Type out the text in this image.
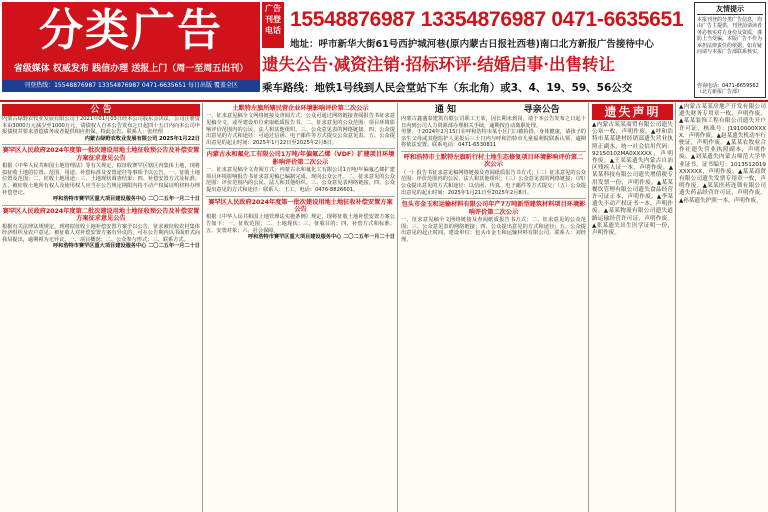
分类广告
省级媒体 权威发布 践信办理 送报上门（周一至周五出刊）
刊登热线：15548876987 13354876987 0471-6635651 每日出版 覆盖全区
广告刊登电话 15548876987 13354876987 0471-6635651
地址：呼市新华大街61号西护城河巷(原内蒙古日报社西巷)南口北方新报广告接待中心
遗失公告·减资注销·招标环评·结婚启事·出售转让
乘车路线：地铁1号线到人民会堂站下车（东北角）或3、4、19、59、56公交
友情提示
本报刊登的分类广告信息，均由广告主提供，刊登前请读者务必核实对方身份及资质，谨防上当受骗。本版广告不作为承担法律责任的依据。如有疑问请与本报广告部联系核实。
咨询电话：0471-6659562（北方新报广告部）
公 告
内蒙古绿野农牧业发展有限公司于2021年01月03日经本公司股东会决议，公司注册资本由3000万元减少至1000万元，请债权人自本公告发布之日起四十五日内向本公司申报债权并要求清偿债务或者提供相应担保。特此公告。联系人：张经理
内蒙古绿野农牧业发展有限公司 2025年1月22日
赛罕区人民政府2024年度第一批次建设用地土地征收预公告及补偿安置方案征求意见公告
根据《中华人民共和国土地管理法》等有关规定，拟征收赛罕区辖区内集体土地，现将拟征收土地的位置、范围、用途、补偿标准及安置途径等事项予以公告。一、征收土地位置及范围；二、征收土地用途；三、土地现状调查结果；四、补偿安置方式及标准；五、被征收土地所有权人及使用权人应当在公告规定期限内持不动产权属证明材料办理补偿登记。
呼和浩特市赛罕区重大项目建设服务中心 二〇二五年一月二十日
赛罕区人民政府2024年度第二批次建设用地土地征收预公告及补偿安置方案征求意见公告
根据有关法律法规规定，现将拟征收土地补偿安置方案予以公告，征求被征收农村集体经济组织及农户意见。被征收人对补偿安置方案有异议的，可在公告期内以书面形式向我局提出，逾期视为无异议。一、项目概况；二、公众参与形式；三、联系方式。
呼和浩特市赛罕区重大项目建设服务中心 二〇二五年一月二十日
土默特左旗所辖民营企业环境影响评价第二次公示
一、征求意见稿全文网络链接及查阅方式：公众可通过网络链接查阅报告书征求意见稿全文，或至建设单位索取纸质报告书。二、征求意见的公众范围：项目环境影响评价范围内的公民、法人和其他组织。三、公众意见表的网络链接。四、公众提出意见的方式和途径：可通过信函、电子邮件等方式提交公众意见表。五、公众提出意见的起止时间：2025年1月22日至2025年2月8日。
内蒙古永和氟化工有限公司1万吨/年偏氟乙烯（VDF）扩建项目环境影响评价第二次公示
一、征求意见稿全文查阅方式：内蒙古永和氟化工有限公司1万吨/年偏氟乙烯扩建项目环境影响报告书征求意见稿已编制完成，现向公众公开。二、征求意见的公众范围：评价范围内的公民、法人和其他组织。三、公众意见表网络链接。四、公众提出意见的方式和途径：联系人：王工，电话：0476-8826601。
赛罕区人民政府2024年度第一批次建设用地土地征收补偿安置方案公告
根据《中华人民共和国土地管理法实施条例》规定，现将征收土地补偿安置方案公告如下：一、征收范围；二、土地现状；三、征收目的；四、补偿方式和标准；五、安置对象；六、社会保障。
呼和浩特市赛罕区重大项目建设服务中心 二〇二五年一月二十日
通 知	寻亲公告
内蒙古鑫盛泰建筑有限公司职工王某，因长期未到岗，请于本公告发布之日起十日内到公司人力资源部办理相关手续，逾期按自动离职处理。
男婴，于2024年2月15日在呼和浩特市某小区门口被捡拾，身体健康，请孩子的亲生父母或其他监护人见报后三十日内与呼和浩特市儿童福利院联系认领，逾期将依法安置。联系电话：0471-6530811
呼和浩特市土默特左旗昕行村土地生态修复项目环境影响评价第二次公示
（一）报告书征求意见稿网络链接及查阅纸质报告书方式；（二）征求意见的公众范围：评价范围内的公民、法人和其他组织；（三）公众意见表的网络链接；（四）公众提出意见的方式和途径：以信函、传真、电子邮件等方式提交；（五）公众提出意见的起止时间：2025年1月21日至2025年2月8日。
包头市金玉和运输材料有限公司年产7万吨新型建筑材料项目环境影响评价第二次公示
一、征求意见稿全文网络链接及查阅纸质报告书方式；二、征求意见的公众范围；三、公众意见表的网络链接；四、公众提出意见的方式和途径；五、公众提出意见的起止时间。建设单位：包头市金玉和运输材料有限公司，联系人：刘经理。
遗失声明
▲内蒙古某某商贸有限公司遗失公章一枚，声明作废。▲呼和浩特市某某建材经销部遗失营业执照正副本，统一社会信用代码：92150102MA0XXXXX，声明作废。▲王某某遗失内蒙古自治区残疾人证一本，声明作废。▲某某科技有限公司遗失增值税专用发票一份，声明作废。▲某某餐饮管理有限公司遗失食品经营许可证正本，声明作废。▲李某遗失不动产权证书一本，声明作废。▲某某物流有限公司遗失道路运输经营许可证，声明作废。▲张某遗失出生医学证明一份，声明作废。
▲内蒙古某某房地产开发有限公司遗失财务专用章一枚，声明作废。▲某某装饰工程有限公司遗失开户许可证，核准号：J1910000XXXX，声明作废。▲赵某遗失机动车行驶证，声明作废。▲某某农牧业合作社遗失营业执照副本，声明作废。▲刘某遗失内蒙古师范大学毕业证书，证书编号：1013512019XXXXXX，声明作废。▲某某商贸有限公司遗失发票专用章一枚，声明作废。▲某某医药连锁有限公司遗失药品经营许可证，声明作废。▲孙某遗失护照一本，声明作废。
